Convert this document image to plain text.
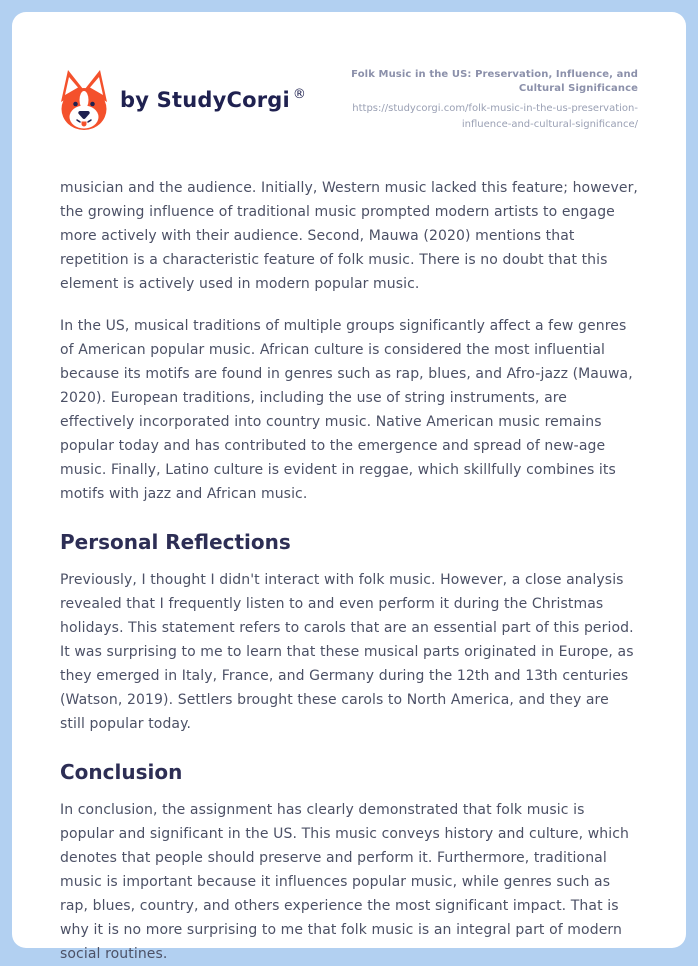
by StudyCorgi ®
Folk Music in the US: Preservation, Influence, and Cultural Significance
https://studycorgi.com/folk-music-in-the-us-preservation-influence-and-cultural-significance/

musician and the audience. Initially, Western music lacked this feature; however, the growing influence of traditional music prompted modern artists to engage more actively with their audience. Second, Mauwa (2020) mentions that repetition is a characteristic feature of folk music. There is no doubt that this element is actively used in modern popular music.

In the US, musical traditions of multiple groups significantly affect a few genres of American popular music. African culture is considered the most influential because its motifs are found in genres such as rap, blues, and Afro-jazz (Mauwa, 2020). European traditions, including the use of string instruments, are effectively incorporated into country music. Native American music remains popular today and has contributed to the emergence and spread of new-age music. Finally, Latino culture is evident in reggae, which skillfully combines its motifs with jazz and African music.

Personal Reflections

Previously, I thought I didn't interact with folk music. However, a close analysis revealed that I frequently listen to and even perform it during the Christmas holidays. This statement refers to carols that are an essential part of this period. It was surprising to me to learn that these musical parts originated in Europe, as they emerged in Italy, France, and Germany during the 12th and 13th centuries (Watson, 2019). Settlers brought these carols to North America, and they are still popular today.

Conclusion

In conclusion, the assignment has clearly demonstrated that folk music is popular and significant in the US. This music conveys history and culture, which denotes that people should preserve and perform it. Furthermore, traditional music is important because it influences popular music, while genres such as rap, blues, country, and others experience the most significant impact. That is why it is no more surprising to me that folk music is an integral part of modern social routines.
